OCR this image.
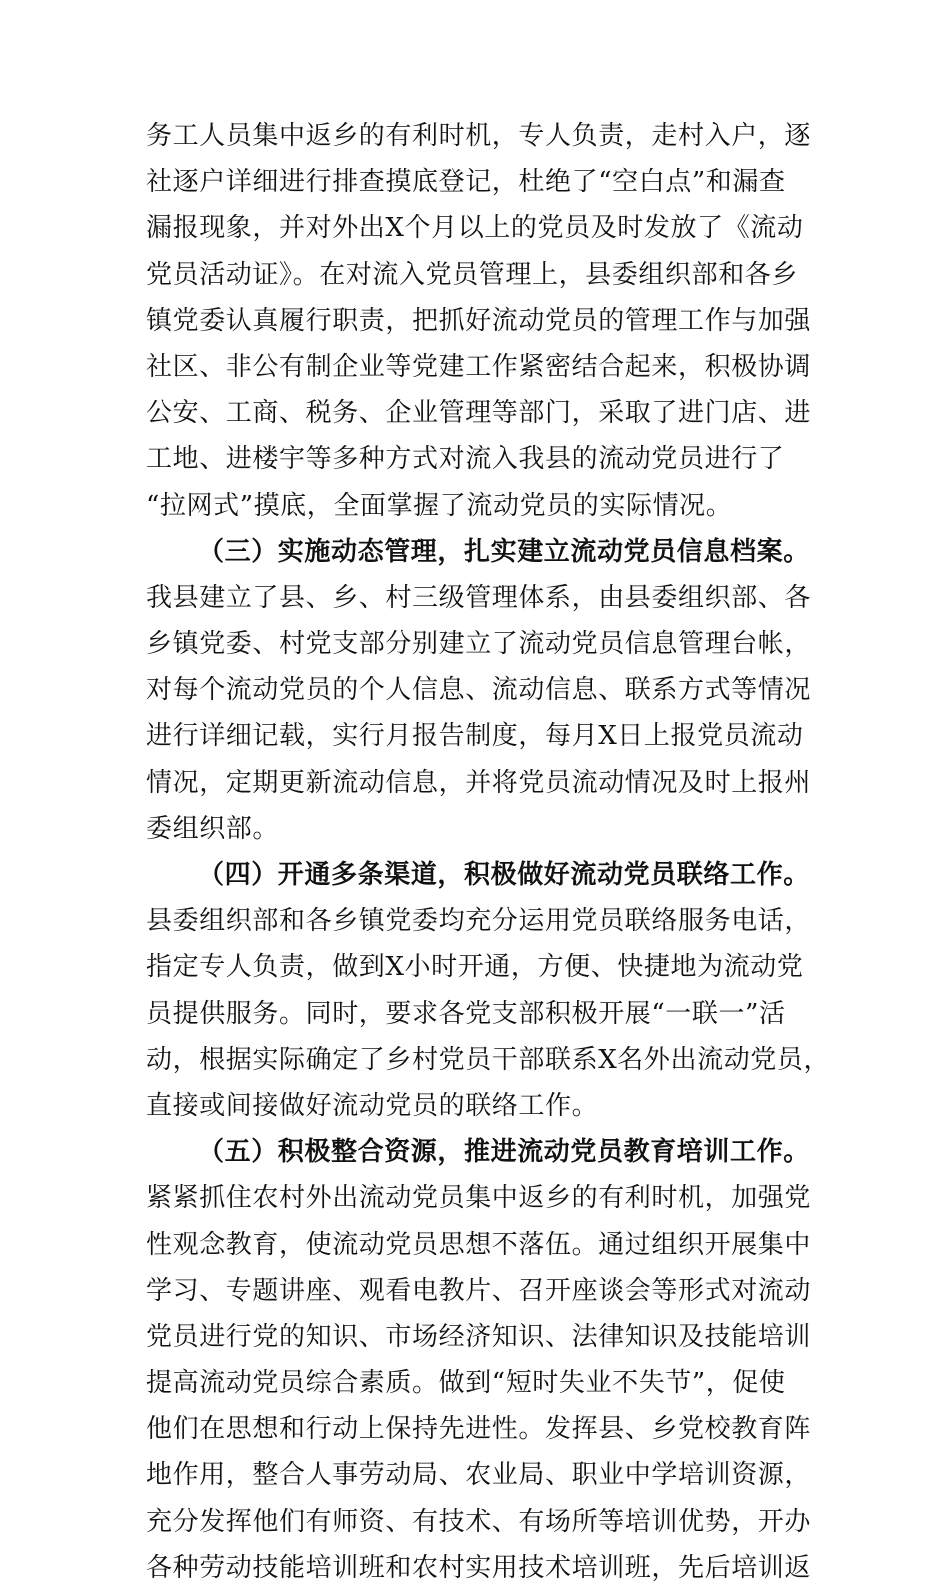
务工人员集中返乡的有利时机，专人负责，走村入户，逐
社逐户详细进行排查摸底登记，杜绝了“空白点”和漏查
漏报现象，并对外出X个月以上的党员及时发放了《流动
党员活动证》。在对流入党员管理上，县委组织部和各乡
镇党委认真履行职责，把抓好流动党员的管理工作与加强
社区、非公有制企业等党建工作紧密结合起来，积极协调
公安、工商、税务、企业管理等部门，采取了进门店、进
工地、进楼宇等多种方式对流入我县的流动党员进行了
“拉网式”摸底，全面掌握了流动党员的实际情况。
（三）实施动态管理，扎实建立流动党员信息档案。
我县建立了县、乡、村三级管理体系，由县委组织部、各
乡镇党委、村党支部分别建立了流动党员信息管理台帐，
对每个流动党员的个人信息、流动信息、联系方式等情况
进行详细记载，实行月报告制度，每月X日上报党员流动
情况，定期更新流动信息，并将党员流动情况及时上报州
委组织部。
（四）开通多条渠道，积极做好流动党员联络工作。
县委组织部和各乡镇党委均充分运用党员联络服务电话，
指定专人负责，做到X小时开通，方便、快捷地为流动党
员提供服务。同时，要求各党支部积极开展“一联一”活
动，根据实际确定了乡村党员干部联系X名外出流动党员，
直接或间接做好流动党员的联络工作。
（五）积极整合资源，推进流动党员教育培训工作。
紧紧抓住农村外出流动党员集中返乡的有利时机，加强党
性观念教育，使流动党员思想不落伍。通过组织开展集中
学习、专题讲座、观看电教片、召开座谈会等形式对流动
党员进行党的知识、市场经济知识、法律知识及技能培训
提高流动党员综合素质。做到“短时失业不失节”，促使
他们在思想和行动上保持先进性。发挥县、乡党校教育阵
地作用，整合人事劳动局、农业局、职业中学培训资源，
充分发挥他们有师资、有技术、有场所等培训优势，开办
各种劳动技能培训班和农村实用技术培训班，先后培训返
